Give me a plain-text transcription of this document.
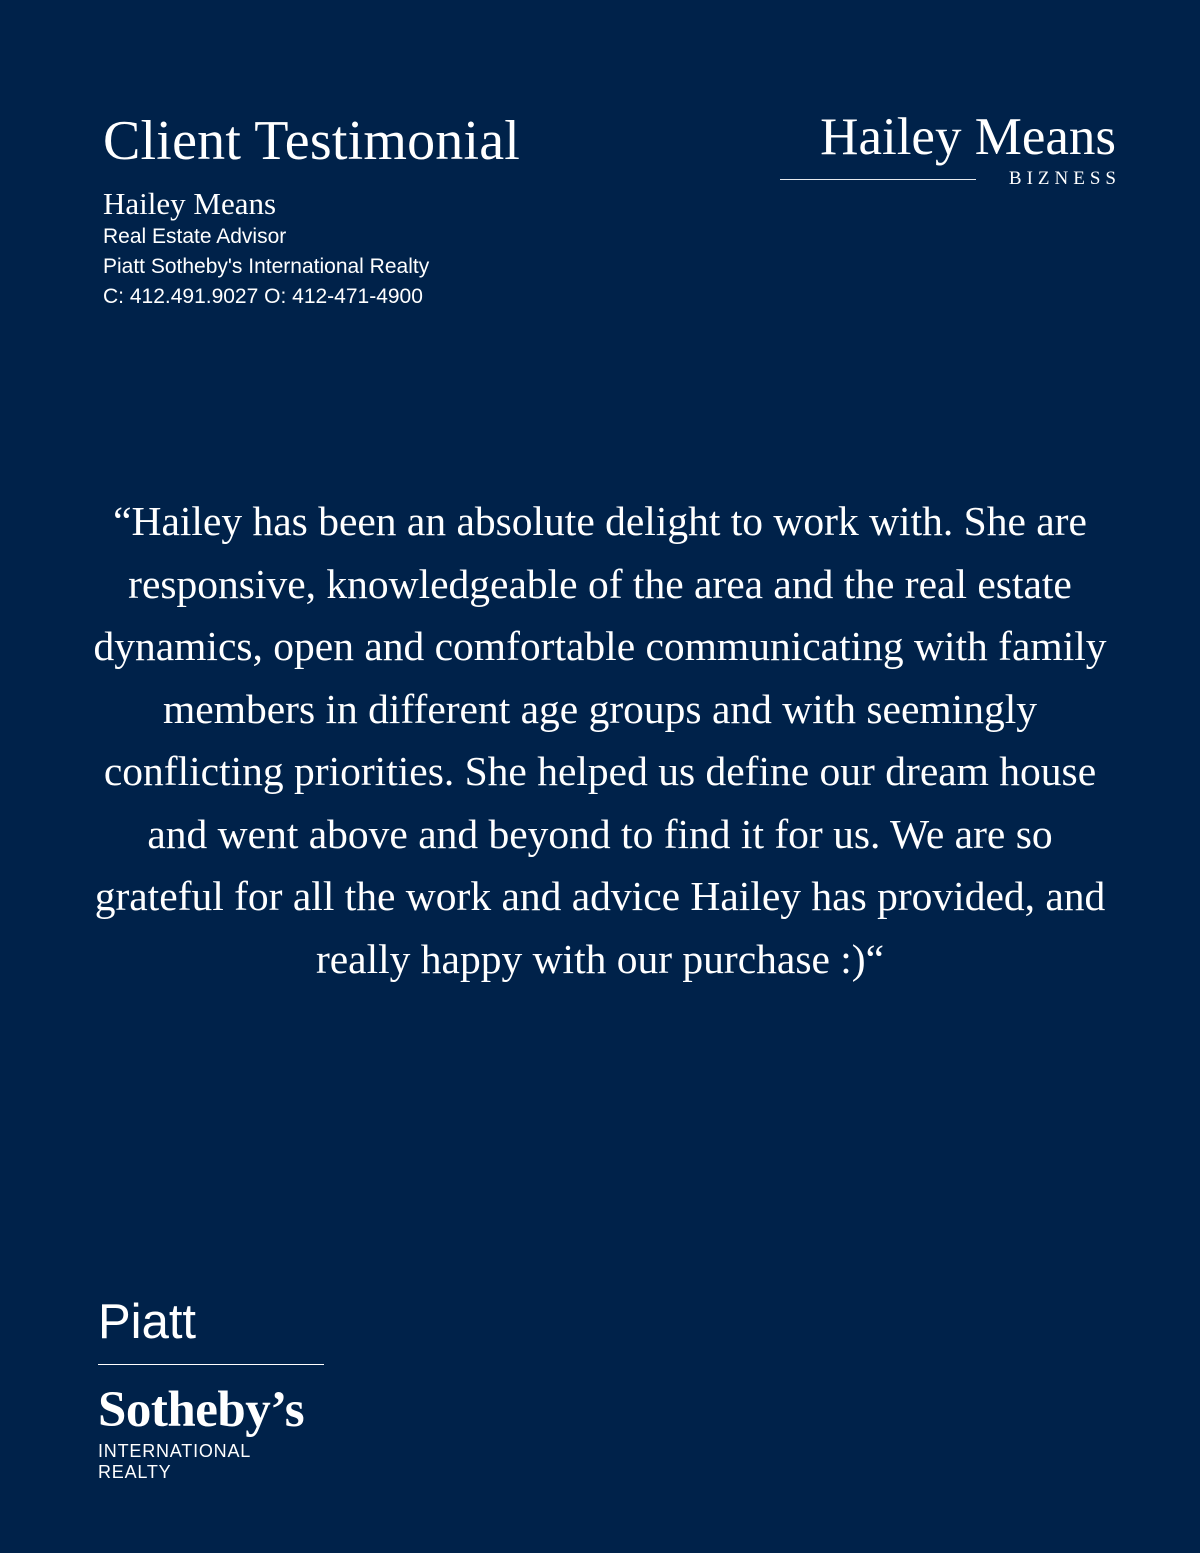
Client Testimonial
Hailey Means
Real Estate Advisor
Piatt Sotheby's International Realty
C: 412.491.9027 O: 412-471-4900
Hailey Means
BIZNESS

“Hailey has been an absolute delight to work with. She are responsive, knowledgeable of the area and the real estate dynamics, open and comfortable communicating with family members in different age groups and with seemingly conflicting priorities. She helped us define our dream house and went above and beyond to find it for us. We are so grateful for all the work and advice Hailey has provided, and really happy with our purchase :)“

Piatt
Sotheby’s
INTERNATIONAL REALTY
